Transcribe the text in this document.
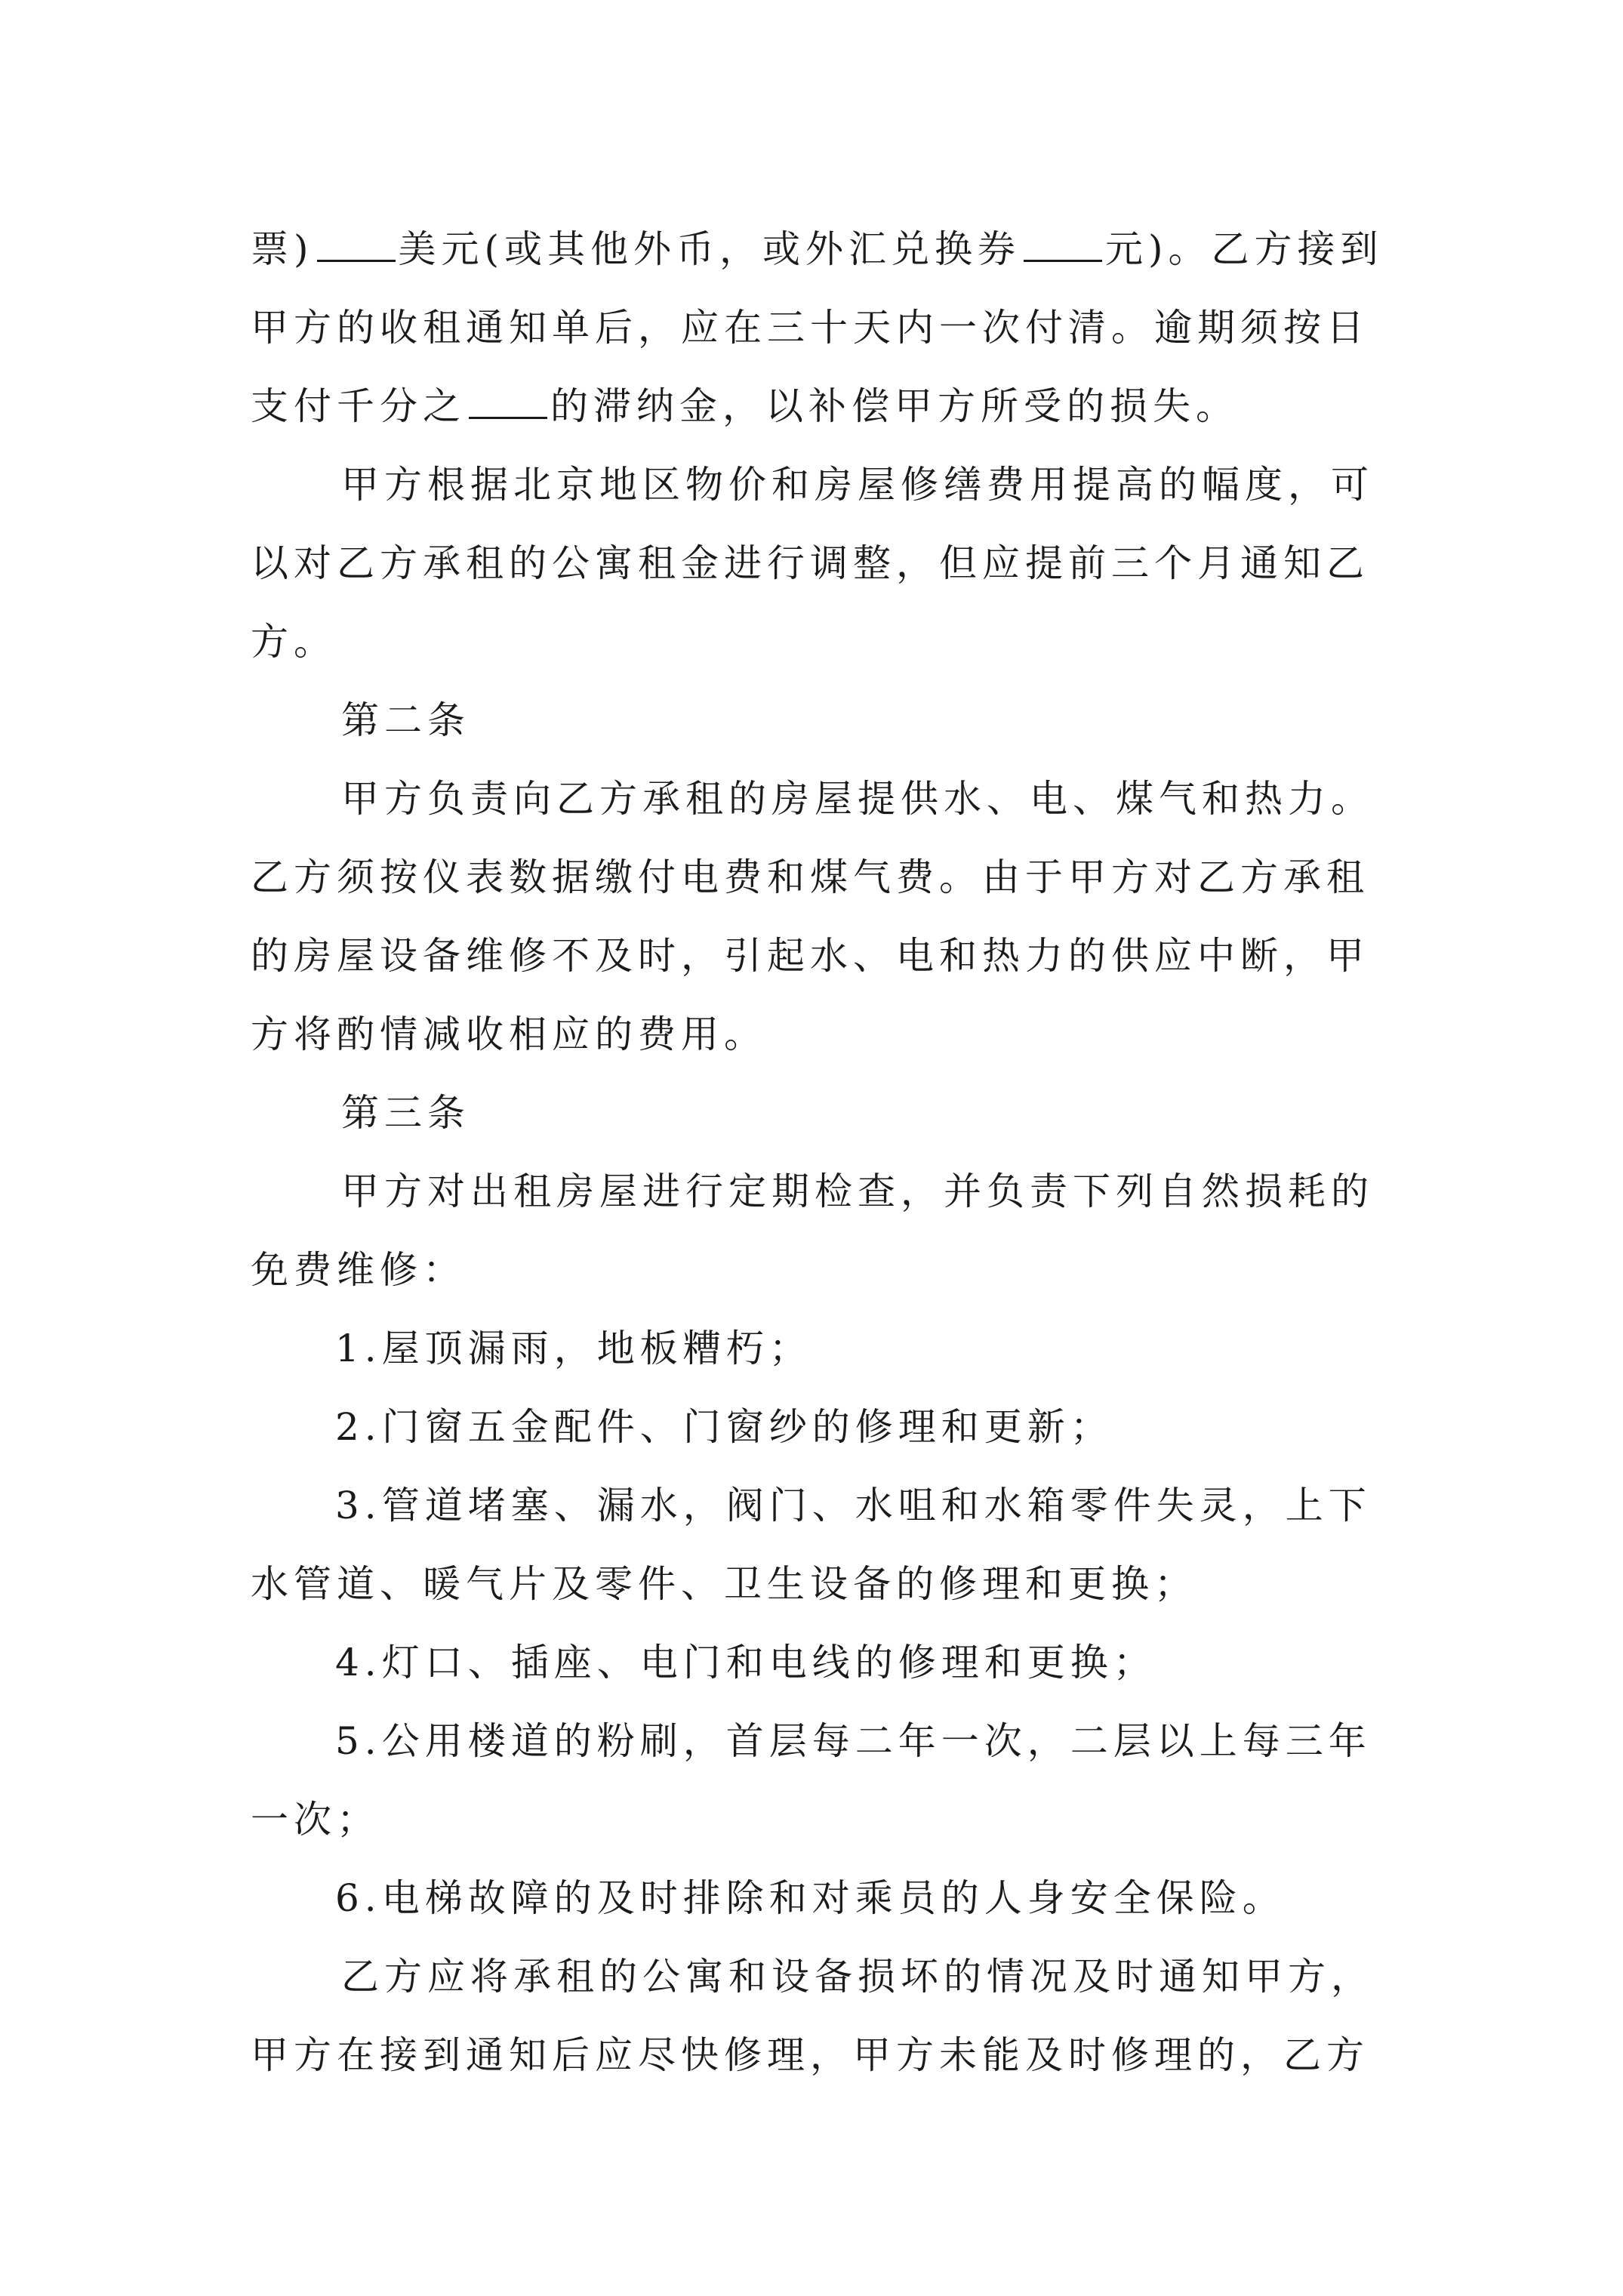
票) 美元(或其他外币，或外汇兑换券 元)。乙方接到
甲方的收租通知单后，应在三十天内一次付清。逾期须按日
支付千分之 的滞纳金，以补偿甲方所受的损失。
甲方根据北京地区物价和房屋修缮费用提高的幅度，可
以对乙方承租的公寓租金进行调整，但应提前三个月通知乙
方。
第二条
甲方负责向乙方承租的房屋提供水、电、煤气和热力。
乙方须按仪表数据缴付电费和煤气费。由于甲方对乙方承租
的房屋设备维修不及时，引起水、电和热力的供应中断，甲
方将酌情减收相应的费用。
第三条
甲方对出租房屋进行定期检查，并负责下列自然损耗的
免费维修：
1.屋顶漏雨，地板糟朽；
2.门窗五金配件、门窗纱的修理和更新；
3.管道堵塞、漏水，阀门、水咀和水箱零件失灵，上下
水管道、暖气片及零件、卫生设备的修理和更换；
4.灯口、插座、电门和电线的修理和更换；
5.公用楼道的粉刷，首层每二年一次，二层以上每三年
一次；
6.电梯故障的及时排除和对乘员的人身安全保险。
乙方应将承租的公寓和设备损坏的情况及时通知甲方，
甲方在接到通知后应尽快修理，甲方未能及时修理的，乙方
